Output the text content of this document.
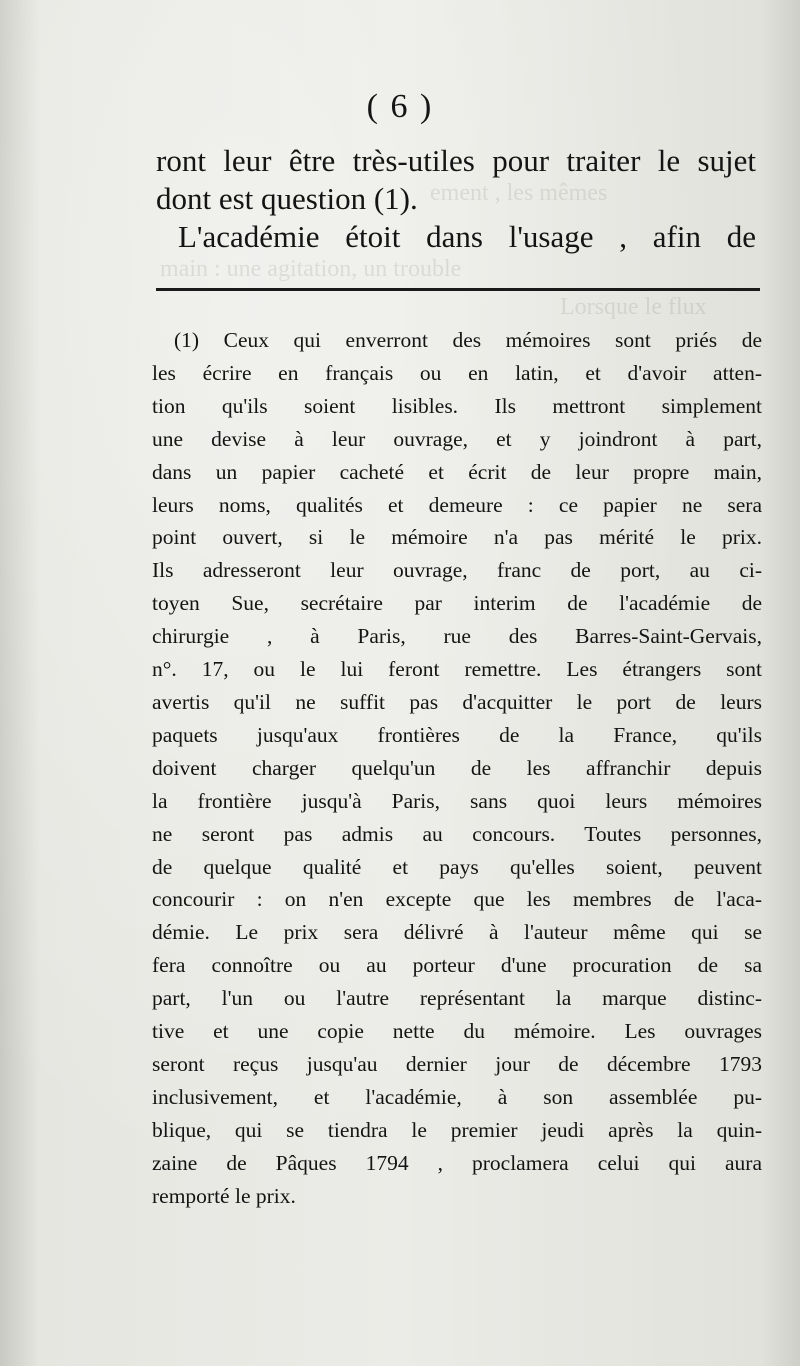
ement , les mêmes
main : une agitation, un trouble
Lorsque le flux
( 6 )
ront leur être très-utiles pour traiter le sujet
dont est question (1).
L'académie étoit dans l'usage , afin de
(1) Ceux qui enverront des mémoires sont priés de
les écrire en français ou en latin, et d'avoir atten-
tion qu'ils soient lisibles. Ils mettront simplement
une devise à leur ouvrage, et y joindront à part,
dans un papier cacheté et écrit de leur propre main,
leurs noms, qualités et demeure : ce papier ne sera
point ouvert, si le mémoire n'a pas mérité le prix.
Ils adresseront leur ouvrage, franc de port, au ci-
toyen Sue, secrétaire par interim de l'académie de
chirurgie , à Paris, rue des Barres-Saint-Gervais,
n°. 17, ou le lui feront remettre. Les étrangers sont
avertis qu'il ne suffit pas d'acquitter le port de leurs
paquets jusqu'aux frontières de la France, qu'ils
doivent charger quelqu'un de les affranchir depuis
la frontière jusqu'à Paris, sans quoi leurs mémoires
ne seront pas admis au concours. Toutes personnes,
de quelque qualité et pays qu'elles soient, peuvent
concourir : on n'en excepte que les membres de l'aca-
démie. Le prix sera délivré à l'auteur même qui se
fera connoître ou au porteur d'une procuration de sa
part, l'un ou l'autre représentant la marque distinc-
tive et une copie nette du mémoire. Les ouvrages
seront reçus jusqu'au dernier jour de décembre 1793
inclusivement, et l'académie, à son assemblée pu-
blique, qui se tiendra le premier jeudi après la quin-
zaine de Pâques 1794 , proclamera celui qui aura
remporté le prix.
